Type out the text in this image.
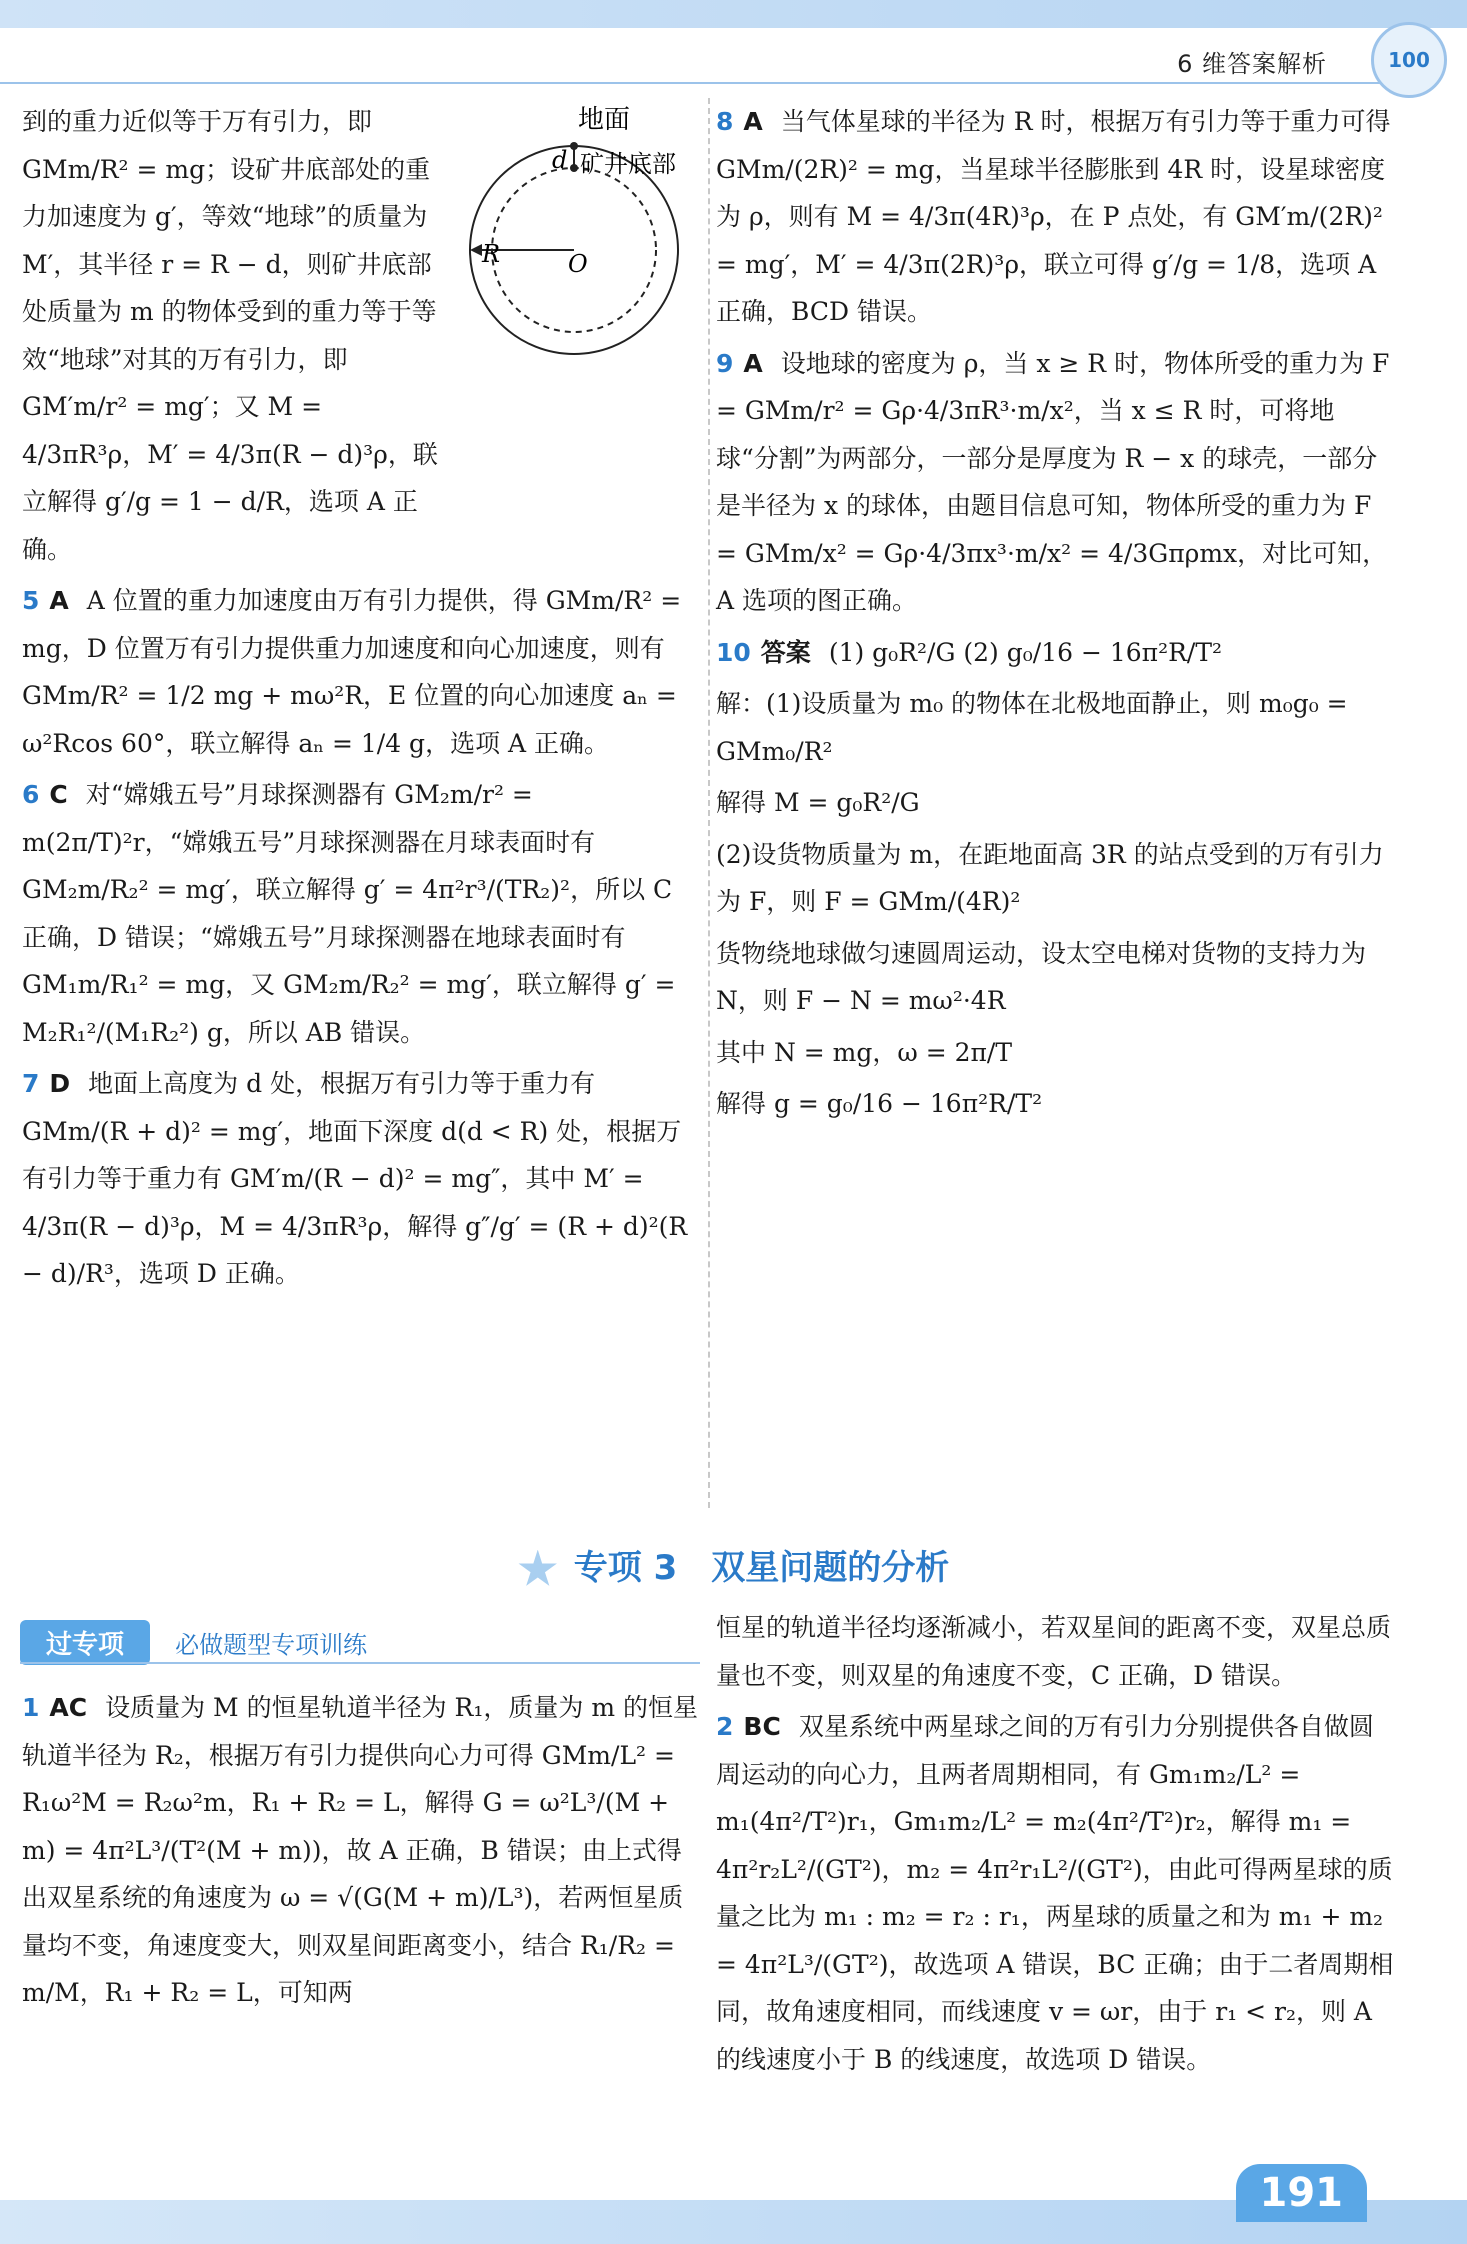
6 维答案解析	100
地面
矿井底部
d
R	O

到的重力近似等于万有引力，即 GMm/R² = mg；设矿井底部处的重力加速度为 g′，等效“地球”的质量为 M′，其半径 r = R − d，则矿井底部处质量为 m 的物体受到的重力等于等效“地球”对其的万有引力，即 GM′m/r² = mg′；又 M = 4/3πR³ρ，M′ = 4/3π(R − d)³ρ，联立解得 g′/g = 1 − d/R，选项 A 正确。

5 A A 位置的重力加速度由万有引力提供，得 GMm/R² = mg，D 位置万有引力提供重力加速度和向心加速度，则有 GMm/R² = 1/2 mg + mω²R，E 位置的向心加速度 aₙ = ω²Rcos 60°，联立解得 aₙ = 1/4 g，选项 A 正确。

6 C 对“嫦娥五号”月球探测器有 GM₂m/r² = m(2π/T)²r，“嫦娥五号”月球探测器在月球表面时有 GM₂m/R₂² = mg′，联立解得 g′ = 4π²r³/(TR₂)²，所以 C 正确，D 错误；“嫦娥五号”月球探测器在地球表面时有 GM₁m/R₁² = mg，又 GM₂m/R₂² = mg′，联立解得 g′ = M₂R₁²/(M₁R₂²) g，所以 AB 错误。

7 D 地面上高度为 d 处，根据万有引力等于重力有 GMm/(R + d)² = mg′，地面下深度 d(d < R) 处，根据万有引力等于重力有 GM′m/(R − d)² = mg″，其中 M′ = 4/3π(R − d)³ρ，M = 4/3πR³ρ，解得 g″/g′ = (R + d)²(R − d)/R³，选项 D 正确。

8 A 当气体星球的半径为 R 时，根据万有引力等于重力可得 GMm/(2R)² = mg，当星球半径膨胀到 4R 时，设星球密度为 ρ，则有 M = 4/3π(4R)³ρ，在 P 点处，有 GM′m/(2R)² = mg′，M′ = 4/3π(2R)³ρ，联立可得 g′/g = 1/8，选项 A 正确，BCD 错误。

9 A 设地球的密度为 ρ，当 x ≥ R 时，物体所受的重力为 F = GMm/r² = Gρ·4/3πR³·m/x²，当 x ≤ R 时，可将地球“分割”为两部分，一部分是厚度为 R − x 的球壳，一部分是半径为 x 的球体，由题目信息可知，物体所受的重力为 F = GMm/x² = Gρ·4/3πx³·m/x² = 4/3Gπρmx，对比可知，A 选项的图正确。

10 答案 (1) g₀R²/G (2) g₀/16 − 16π²R/T²

解：(1)设质量为 m₀ 的物体在北极地面静止，则 m₀g₀ = GMm₀/R²

解得 M = g₀R²/G

(2)设货物质量为 m，在距地面高 3R 的站点受到的万有引力为 F，则 F = GMm/(4R)²

货物绕地球做匀速圆周运动，设太空电梯对货物的支持力为 N，则 F − N = mω²·4R

其中 N = mg，ω = 2π/T

解得 g = g₀/16 − 16π²R/T²

专项 3　双星问题的分析
过专项 必做题型专项训练

1 AC 设质量为 M 的恒星轨道半径为 R₁，质量为 m 的恒星轨道半径为 R₂，根据万有引力提供向心力可得 GMm/L² = R₁ω²M = R₂ω²m，R₁ + R₂ = L，解得 G = ω²L³/(M + m) = 4π²L³/(T²(M + m))，故 A 正确，B 错误；由上式得出双星系统的角速度为 ω = √(G(M + m)/L³)，若两恒星质量均不变，角速度变大，则双星间距离变小，结合 R₁/R₂ = m/M，R₁ + R₂ = L，可知两

恒星的轨道半径均逐渐减小，若双星间的距离不变，双星总质量也不变，则双星的角速度不变，C 正确，D 错误。

2 BC 双星系统中两星球之间的万有引力分别提供各自做圆周运动的向心力，且两者周期相同，有 Gm₁m₂/L² = m₁(4π²/T²)r₁，Gm₁m₂/L² = m₂(4π²/T²)r₂，解得 m₁ = 4π²r₂L²/(GT²)，m₂ = 4π²r₁L²/(GT²)，由此可得两星球的质量之比为 m₁ : m₂ = r₂ : r₁，两星球的质量之和为 m₁ + m₂ = 4π²L³/(GT²)，故选项 A 错误，BC 正确；由于二者周期相同，故角速度相同，而线速度 v = ωr，由于 r₁ < r₂，则 A 的线速度小于 B 的线速度，故选项 D 错误。

191
